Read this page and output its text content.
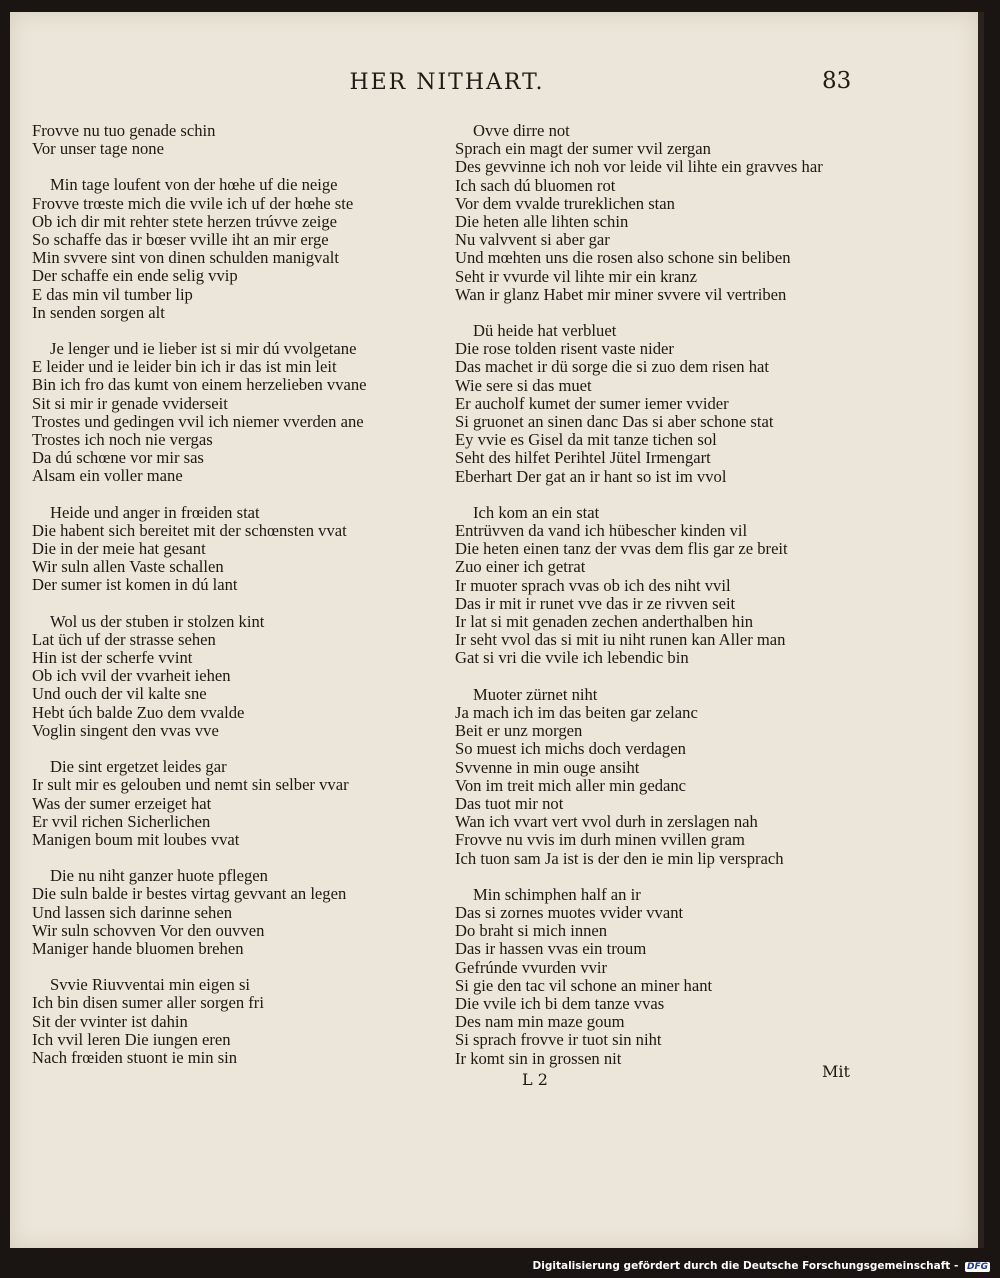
HER NITHART.	83
Frovve nu tuo genade schin
Vor unser tage none
Min tage loufent von der hœhe uf die neige
Frovve trœste mich die vvile ich uf der hœhe ste
Ob ich dir mit rehter stete herzen trúvve zeige
So schaffe das ir bœser vville iht an mir erge
Min svvere sint von dinen schulden manigvalt
Der schaffe ein ende selig vvip
E das min vil tumber lip
In senden sorgen alt
Je lenger und ie lieber ist si mir dú vvolgetane
E leider und ie leider bin ich ir das ist min leit
Bin ich fro das kumt von einem herzelieben vvane
Sit si mir ir genade vviderseit
Trostes und gedingen vvil ich niemer vverden ane
Trostes ich noch nie vergas
Da dú schœne vor mir sas
Alsam ein voller mane
Heide und anger in frœiden stat
Die habent sich bereitet mit der schœnsten vvat
Die in der meie hat gesant
Wir suln allen Vaste schallen
Der sumer ist komen in dú lant
Wol us der stuben ir stolzen kint
Lat üch uf der strasse sehen
Hin ist der scherfe vvint
Ob ich vvil der vvarheit iehen
Und ouch der vil kalte sne
Hebt úch balde Zuo dem vvalde
Voglin singent den vvas vve
Die sint ergetzet leides gar
Ir sult mir es gelouben und nemt sin selber vvar
Was der sumer erzeiget hat
Er vvil richen Sicherlichen
Manigen boum mit loubes vvat
Die nu niht ganzer huote pflegen
Die suln balde ir bestes virtag gevvant an legen
Und lassen sich darinne sehen
Wir suln schovven Vor den ouvven
Maniger hande bluomen brehen
Svvie Riuvventai min eigen si
Ich bin disen sumer aller sorgen fri
Sit der vvinter ist dahin
Ich vvil leren Die iungen eren
Nach frœiden stuont ie min sin
Ovve dirre not
Sprach ein magt der sumer vvil zergan
Des gevvinne ich noh vor leide vil lihte ein gravves har
Ich sach dú bluomen rot
Vor dem vvalde trureklichen stan
Die heten alle lihten schin
Nu valvvent si aber gar
Und mœhten uns die rosen also schone sin beliben
Seht ir vvurde vil lihte mir ein kranz
Wan ir glanz Habet mir miner svvere vil vertriben
Dü heide hat verbluet
Die rose tolden risent vaste nider
Das machet ir dü sorge die si zuo dem risen hat
Wie sere si das muet
Er aucholf kumet der sumer iemer vvider
Si gruonet an sinen danc Das si aber schone stat
Ey vvie es Gisel da mit tanze tichen sol
Seht des hilfet Perihtel Jütel Irmengart
Eberhart Der gat an ir hant so ist im vvol
Ich kom an ein stat
Entrüvven da vand ich hübescher kinden vil
Die heten einen tanz der vvas dem flis gar ze breit
Zuo einer ich getrat
Ir muoter sprach vvas ob ich des niht vvil
Das ir mit ir runet vve das ir ze rivven seit
Ir lat si mit genaden zechen anderthalben hin
Ir seht vvol das si mit iu niht runen kan Aller man
Gat si vri die vvile ich lebendic bin
Muoter zürnet niht
Ja mach ich im das beiten gar zelanc
Beit er unz morgen
So muest ich michs doch verdagen
Svvenne in min ouge ansiht
Von im treit mich aller min gedanc
Das tuot mir not
Wan ich vvart vert vvol durh in zerslagen nah
Frovve nu vvis im durh minen vvillen gram
Ich tuon sam Ja ist is der den ie min lip versprach
Min schimphen half an ir
Das si zornes muotes vvider vvant
Do braht si mich innen
Das ir hassen vvas ein troum
Gefrúnde vvurden vvir
Si gie den tac vil schone an miner hant
Die vvile ich bi dem tanze vvas
Des nam min maze goum
Si sprach frovve ir tuot sin niht
Ir komt sin in grossen nit
L 2	Mit
Digitalisierung gefördert durch die Deutsche Forschungsgemeinschaft - DFG
